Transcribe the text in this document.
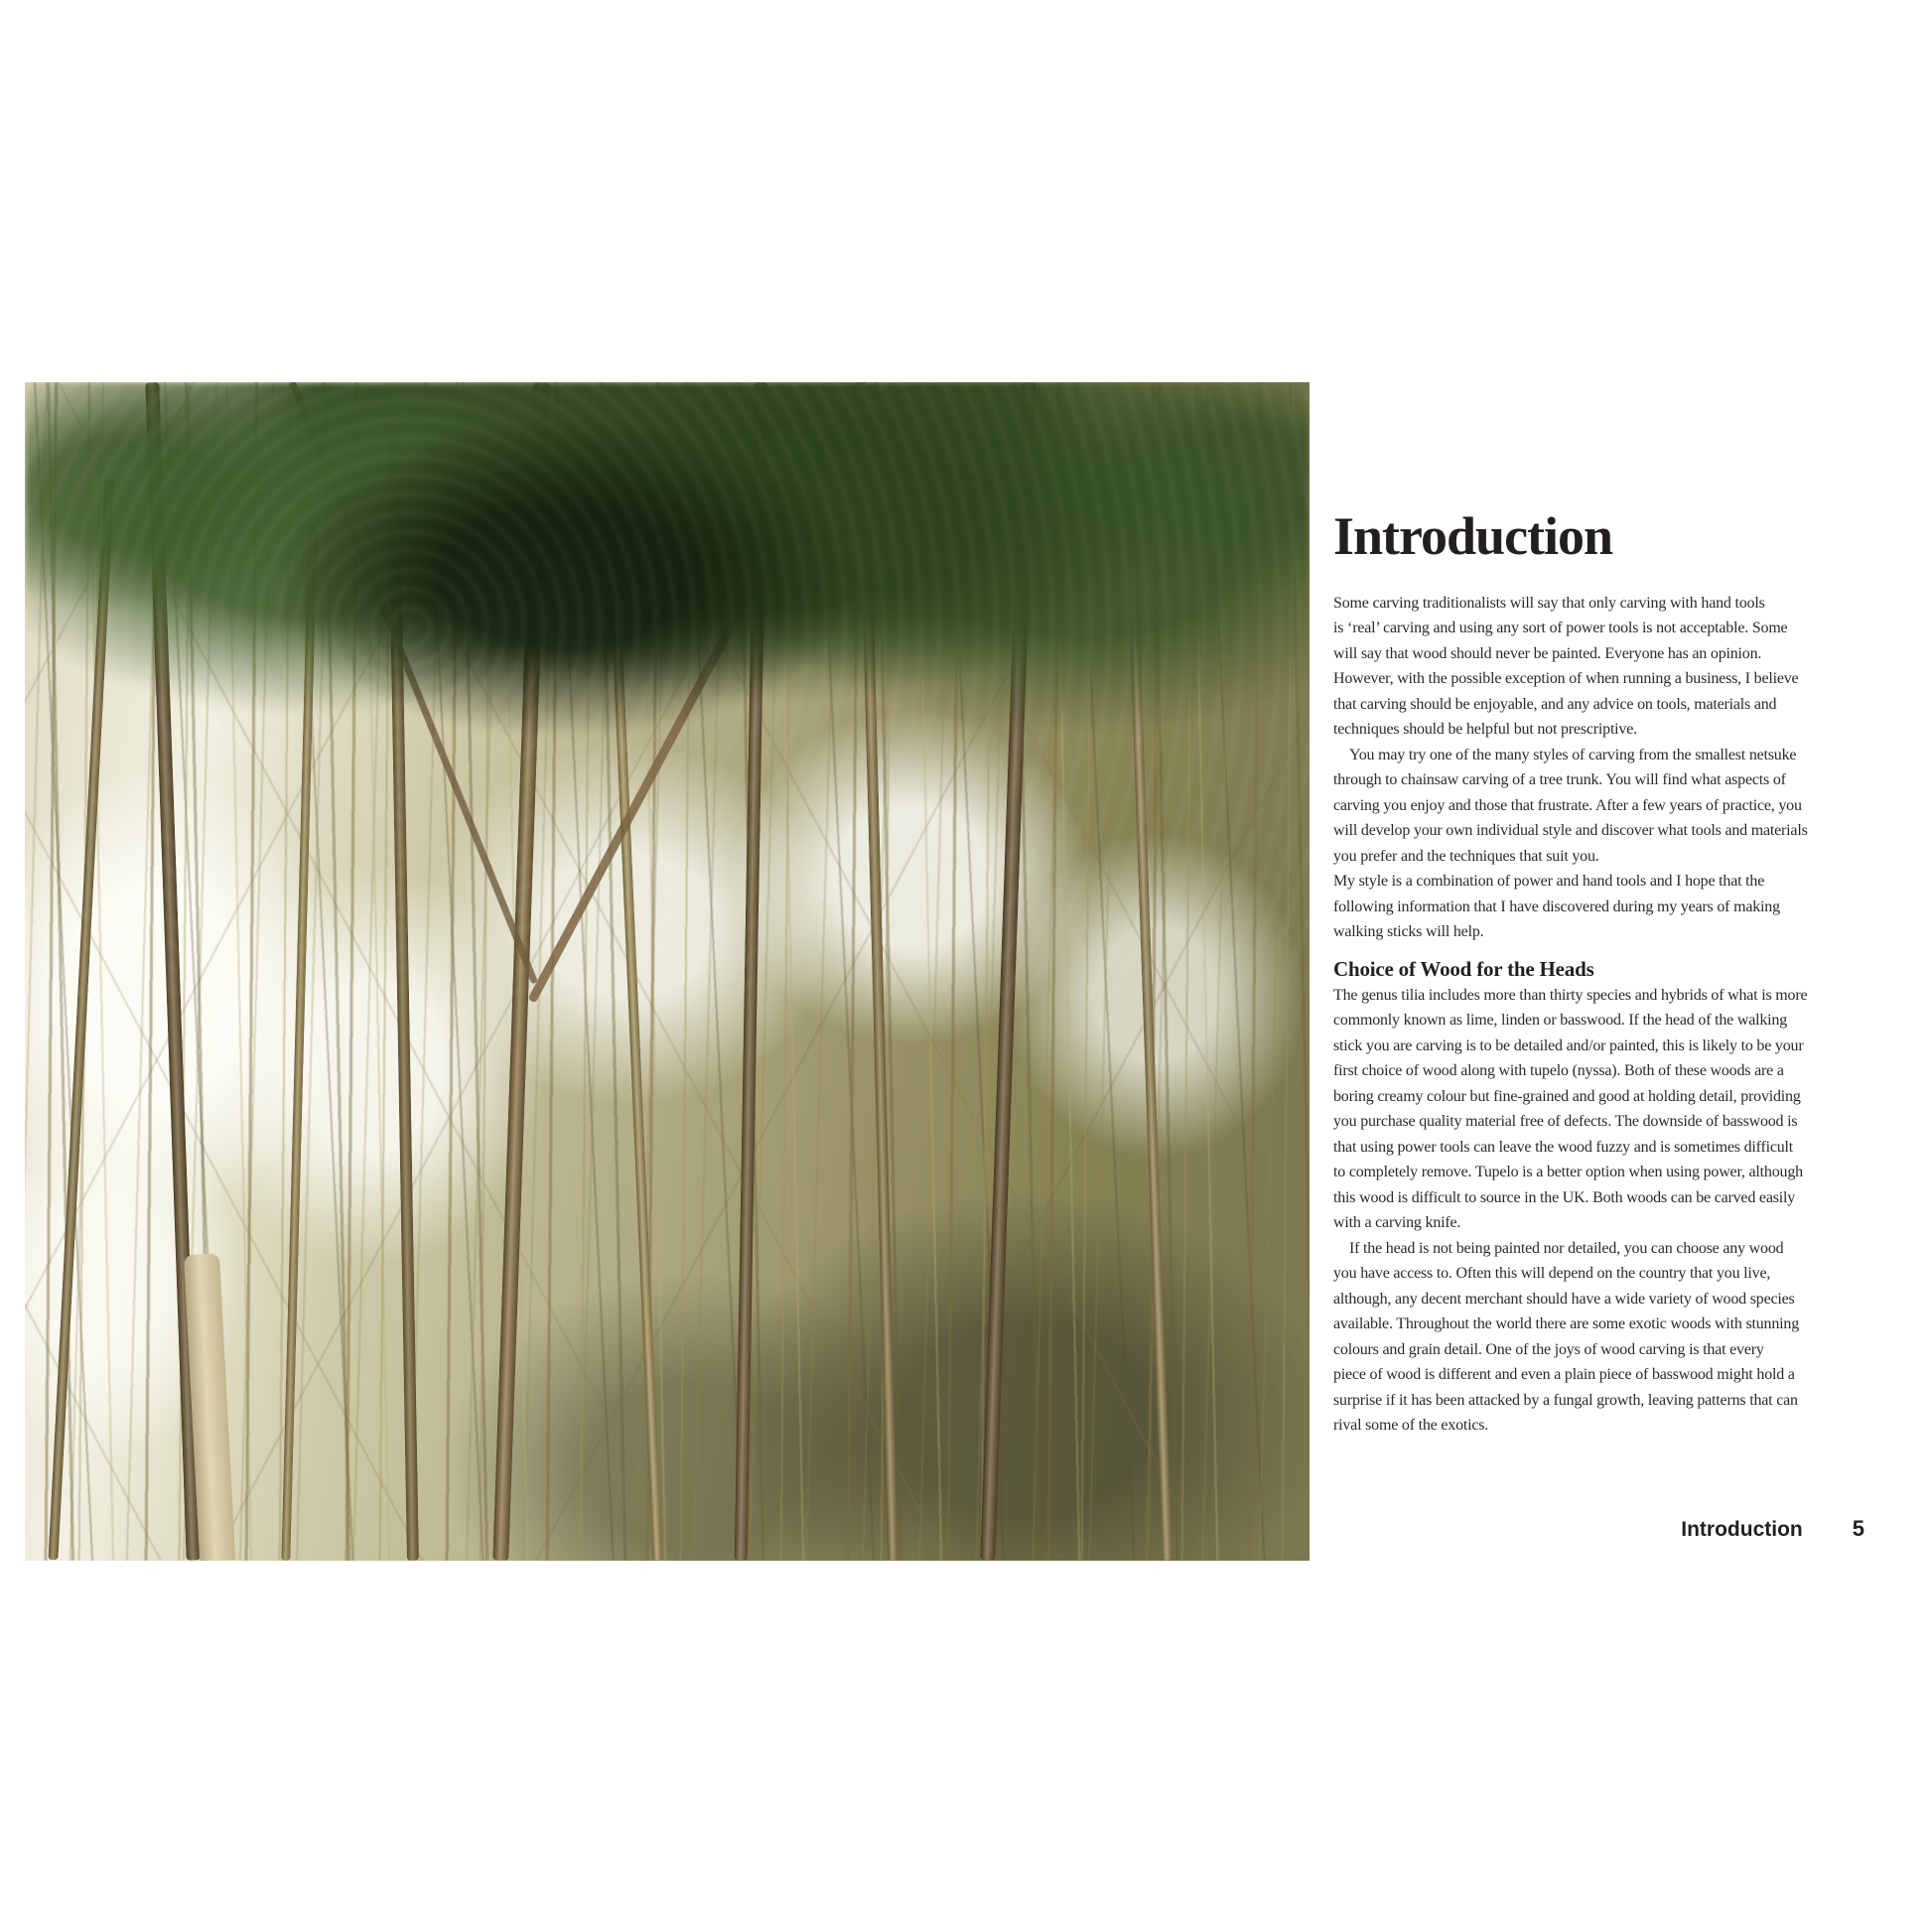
Introduction
Some carving traditionalists will say that only carving with hand tools
is ‘real’ carving and using any sort of power tools is not acceptable. Some
will say that wood should never be painted. Everyone has an opinion.
However, with the possible exception of when running a business, I believe
that carving should be enjoyable, and any advice on tools, materials and
techniques should be helpful but not prescriptive.
You may try one of the many styles of carving from the smallest netsuke
through to chainsaw carving of a tree trunk. You will find what aspects of
carving you enjoy and those that frustrate. After a few years of practice, you
will develop your own individual style and discover what tools and materials
you prefer and the techniques that suit you.
My style is a combination of power and hand tools and I hope that the
following information that I have discovered during my years of making
walking sticks will help.
Choice of Wood for the Heads
The genus tilia includes more than thirty species and hybrids of what is more
commonly known as lime, linden or basswood. If the head of the walking
stick you are carving is to be detailed and/or painted, this is likely to be your
first choice of wood along with tupelo (nyssa). Both of these woods are a
boring creamy colour but fine-grained and good at holding detail, providing
you purchase quality material free of defects. The downside of basswood is
that using power tools can leave the wood fuzzy and is sometimes difficult
to completely remove. Tupelo is a better option when using power, although
this wood is difficult to source in the UK. Both woods can be carved easily
with a carving knife.
If the head is not being painted nor detailed, you can choose any wood
you have access to. Often this will depend on the country that you live,
although, any decent merchant should have a wide variety of wood species
available. Throughout the world there are some exotic woods with stunning
colours and grain detail. One of the joys of wood carving is that every
piece of wood is different and even a plain piece of basswood might hold a
surprise if it has been attacked by a fungal growth, leaving patterns that can
rival some of the exotics.
Introduction 5
